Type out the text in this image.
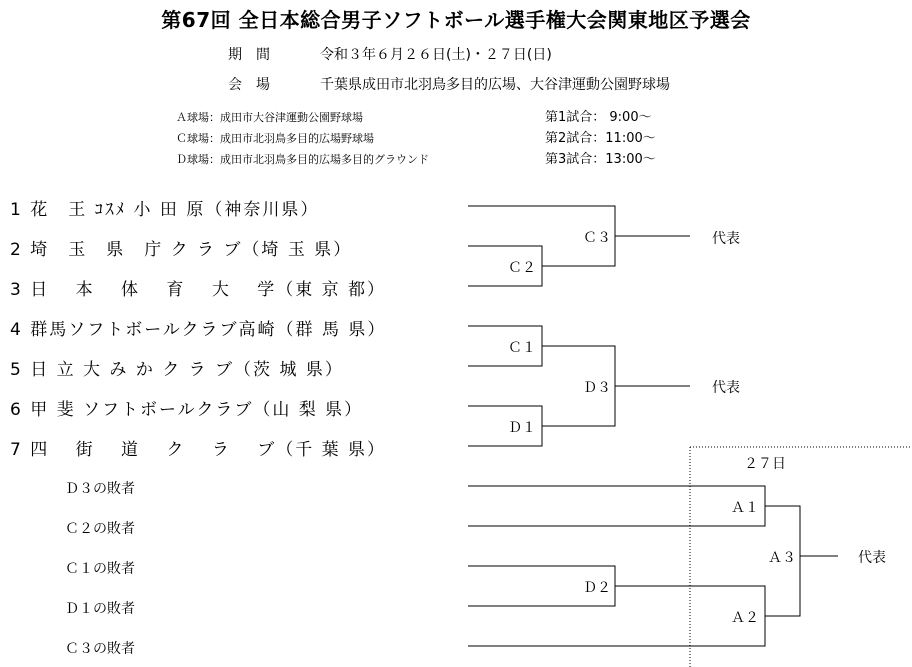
第67回 全日本総合男子ソフトボール選手権大会関東地区予選会
期　間	令和３年６月２６日(土)・２７日(日)
会　場	千葉県成田市北羽鳥多目的広場、大谷津運動公園野球場
Ａ球場：成田市大谷津運動公園野球場
Ｃ球場：成田市北羽鳥多目的広場野球場
Ｄ球場：成田市北羽鳥多目的広場多目的グラウンド
第1試合： 9:00～
第2試合：11:00～
第3試合：13:00～
1 花　王 ｺｽﾒ 小 田 原（神奈川県）
2 埼　玉　県　庁 ク ラ ブ（埼 玉 県）
3 日　 本　 体　 育　 大　 学（東 京 都）
4 群馬ソフトボールクラブ高崎（群 馬 県）
5 日 立 大 み か ク ラ ブ（茨 城 県）
6 甲 斐 ソフトボールクラブ（山 梨 県）
7 四　 街　 道　 ク　 ラ　 ブ（千 葉 県）
Ｄ３の敗者
Ｃ２の敗者
Ｃ１の敗者
Ｄ１の敗者
Ｃ３の敗者
Ｃ３
Ｃ２
Ｃ１
Ｄ３
Ｄ１
代表
代表
２７日
Ａ１
Ａ３
Ｄ２
Ａ２
代表
